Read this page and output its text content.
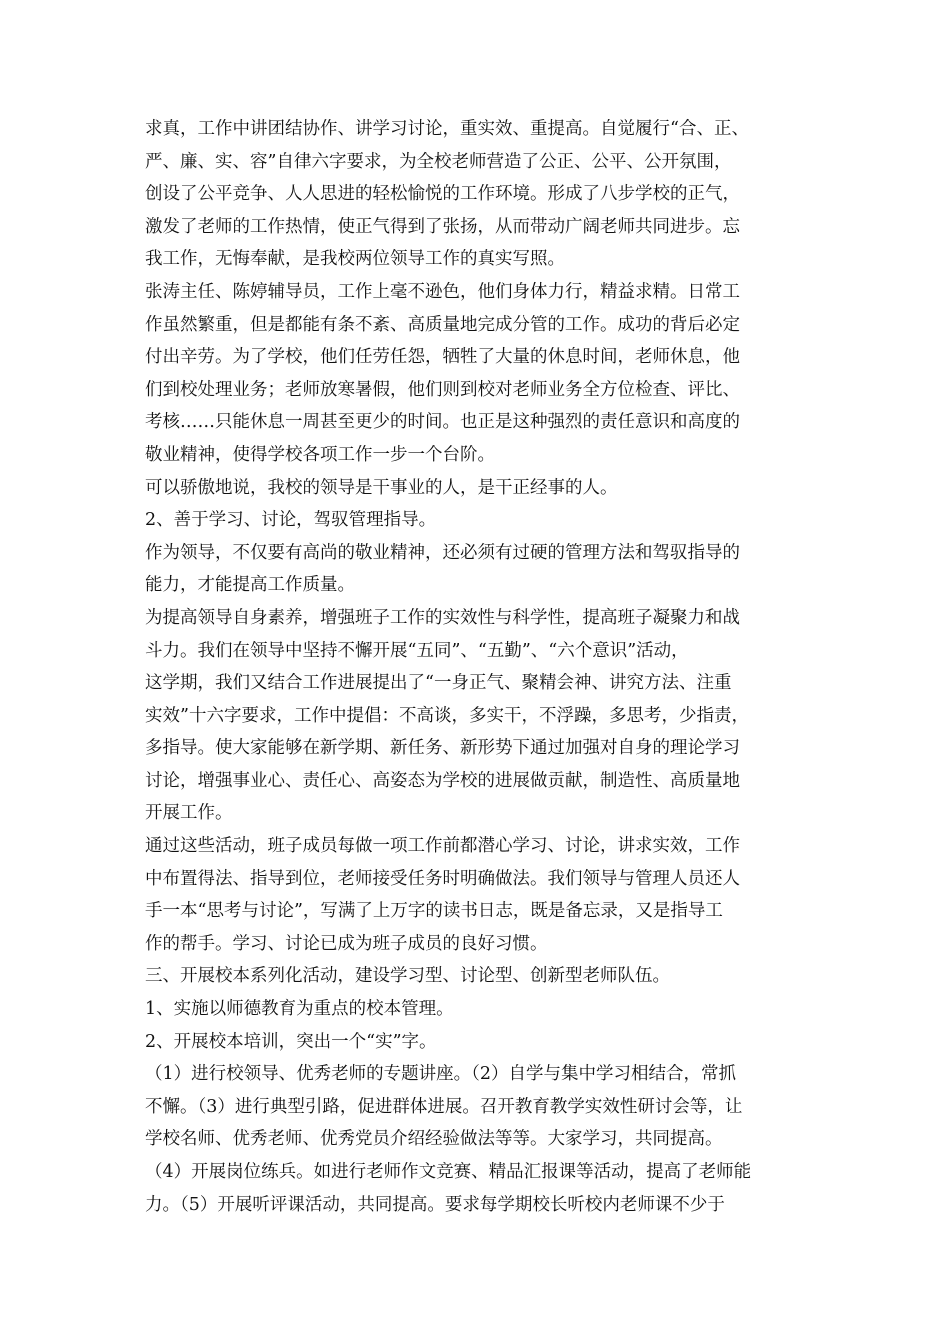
求真，工作中讲团结协作、讲学习讨论，重实效、重提高。自觉履行“合、正、
严、廉、实、容”自律六字要求，为全校老师营造了公正、公平、公开氛围，
创设了公平竞争、人人思进的轻松愉悦的工作环境。形成了八步学校的正气，
激发了老师的工作热情，使正气得到了张扬，从而带动广阔老师共同进步。忘
我工作，无悔奉献，是我校两位领导工作的真实写照。
张涛主任、陈婷辅导员，工作上毫不逊色，他们身体力行，精益求精。日常工
作虽然繁重，但是都能有条不紊、高质量地完成分管的工作。成功的背后必定
付出辛劳。为了学校，他们任劳任怨，牺牲了大量的休息时间，老师休息，他
们到校处理业务；老师放寒暑假，他们则到校对老师业务全方位检查、评比、
考核……只能休息一周甚至更少的时间。也正是这种强烈的责任意识和高度的
敬业精神，使得学校各项工作一步一个台阶。
可以骄傲地说，我校的领导是干事业的人，是干正经事的人。
2、善于学习、讨论，驾驭管理指导。
作为领导，不仅要有高尚的敬业精神，还必须有过硬的管理方法和驾驭指导的
能力，才能提高工作质量。
为提高领导自身素养，增强班子工作的实效性与科学性，提高班子凝聚力和战
斗力。我们在领导中坚持不懈开展“五同”、“五勤”、“六个意识”活动，
这学期，我们又结合工作进展提出了“一身正气、聚精会神、讲究方法、注重
实效”十六字要求，工作中提倡：不高谈，多实干，不浮躁，多思考，少指责，
多指导。使大家能够在新学期、新任务、新形势下通过加强对自身的理论学习
讨论，增强事业心、责任心、高姿态为学校的进展做贡献，制造性、高质量地
开展工作。
通过这些活动，班子成员每做一项工作前都潜心学习、讨论，讲求实效，工作
中布置得法、指导到位，老师接受任务时明确做法。我们领导与管理人员还人
手一本“思考与讨论”，写满了上万字的读书日志，既是备忘录，又是指导工
作的帮手。学习、讨论已成为班子成员的良好习惯。
三、开展校本系列化活动，建设学习型、讨论型、创新型老师队伍。
1、实施以师德教育为重点的校本管理。
2、开展校本培训，突出一个“实”字。
（1）进行校领导、优秀老师的专题讲座。（2）自学与集中学习相结合，常抓
不懈。（3）进行典型引路，促进群体进展。召开教育教学实效性研讨会等，让
学校名师、优秀老师、优秀党员介绍经验做法等等。大家学习，共同提高。
（4）开展岗位练兵。如进行老师作文竞赛、精品汇报课等活动，提高了老师能
力。（5）开展听评课活动，共同提高。要求每学期校长听校内老师课不少于
